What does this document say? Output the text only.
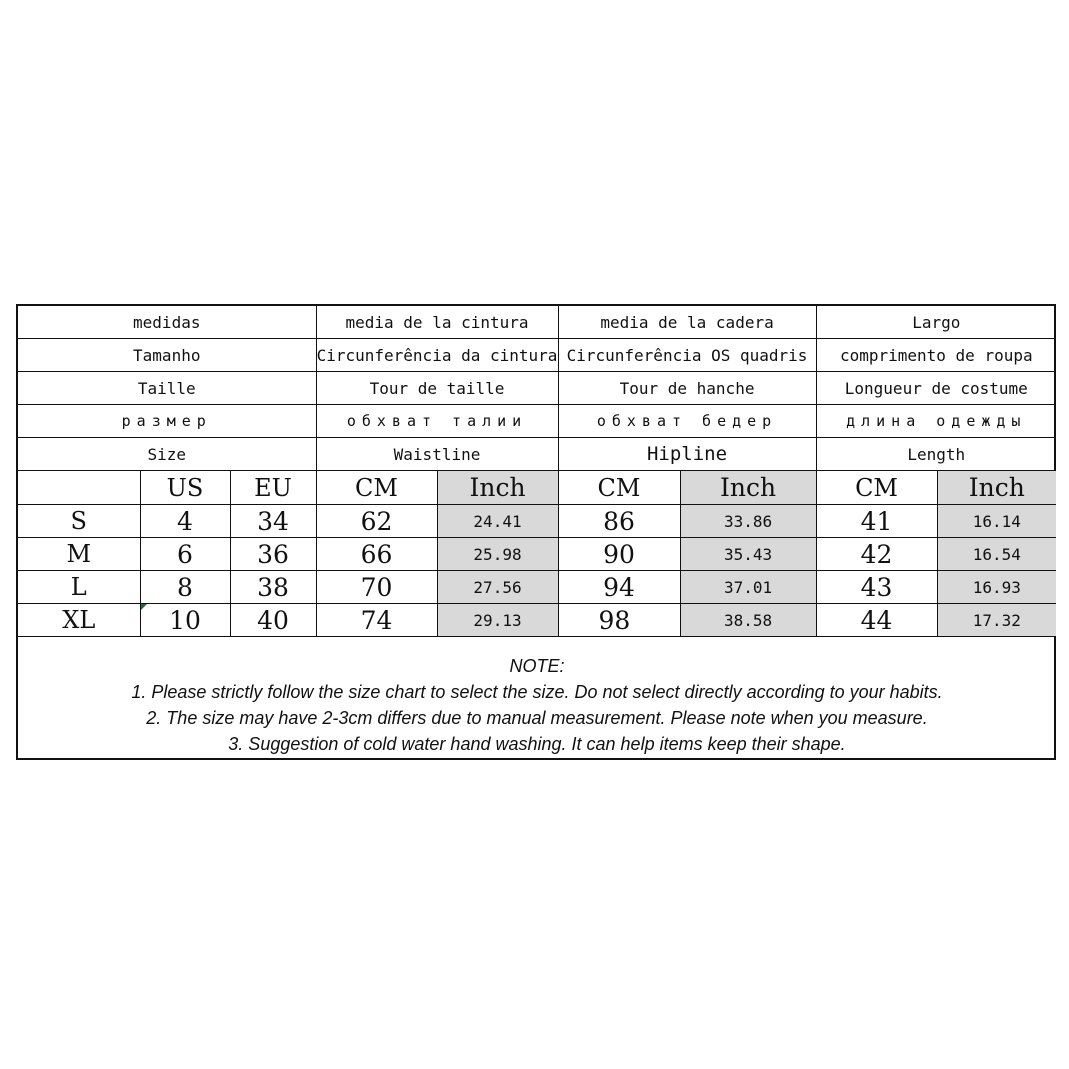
medidas			media de la cintura		media de la cadera		Largo	
Tamanho			Circunferência da cintura		Circunferência OS quadris		comprimento de roupa	
Taille			Tour de taille		Tour de hanche		Longueur de costume	
размер			обхват талии		обхват бедер		длина одежды	
Size			Waistline		Hipline		Length	
	US	EU	CM	Inch	CM	Inch	CM	Inch
S	4	34	62	24.41	86	33.86	41	16.14
M	6	36	66	25.98	90	35.43	42	16.54
L	8	38	70	27.56	94	37.01	43	16.93
XL	10	40	74	29.13	98	38.58	44	17.32
NOTE:
1. Please strictly follow the size chart to select the size. Do not select directly according to your habits.
2. The size may have 2-3cm differs due to manual measurement. Please note when you measure.
3. Suggestion of cold water hand washing. It can help items keep their shape.
